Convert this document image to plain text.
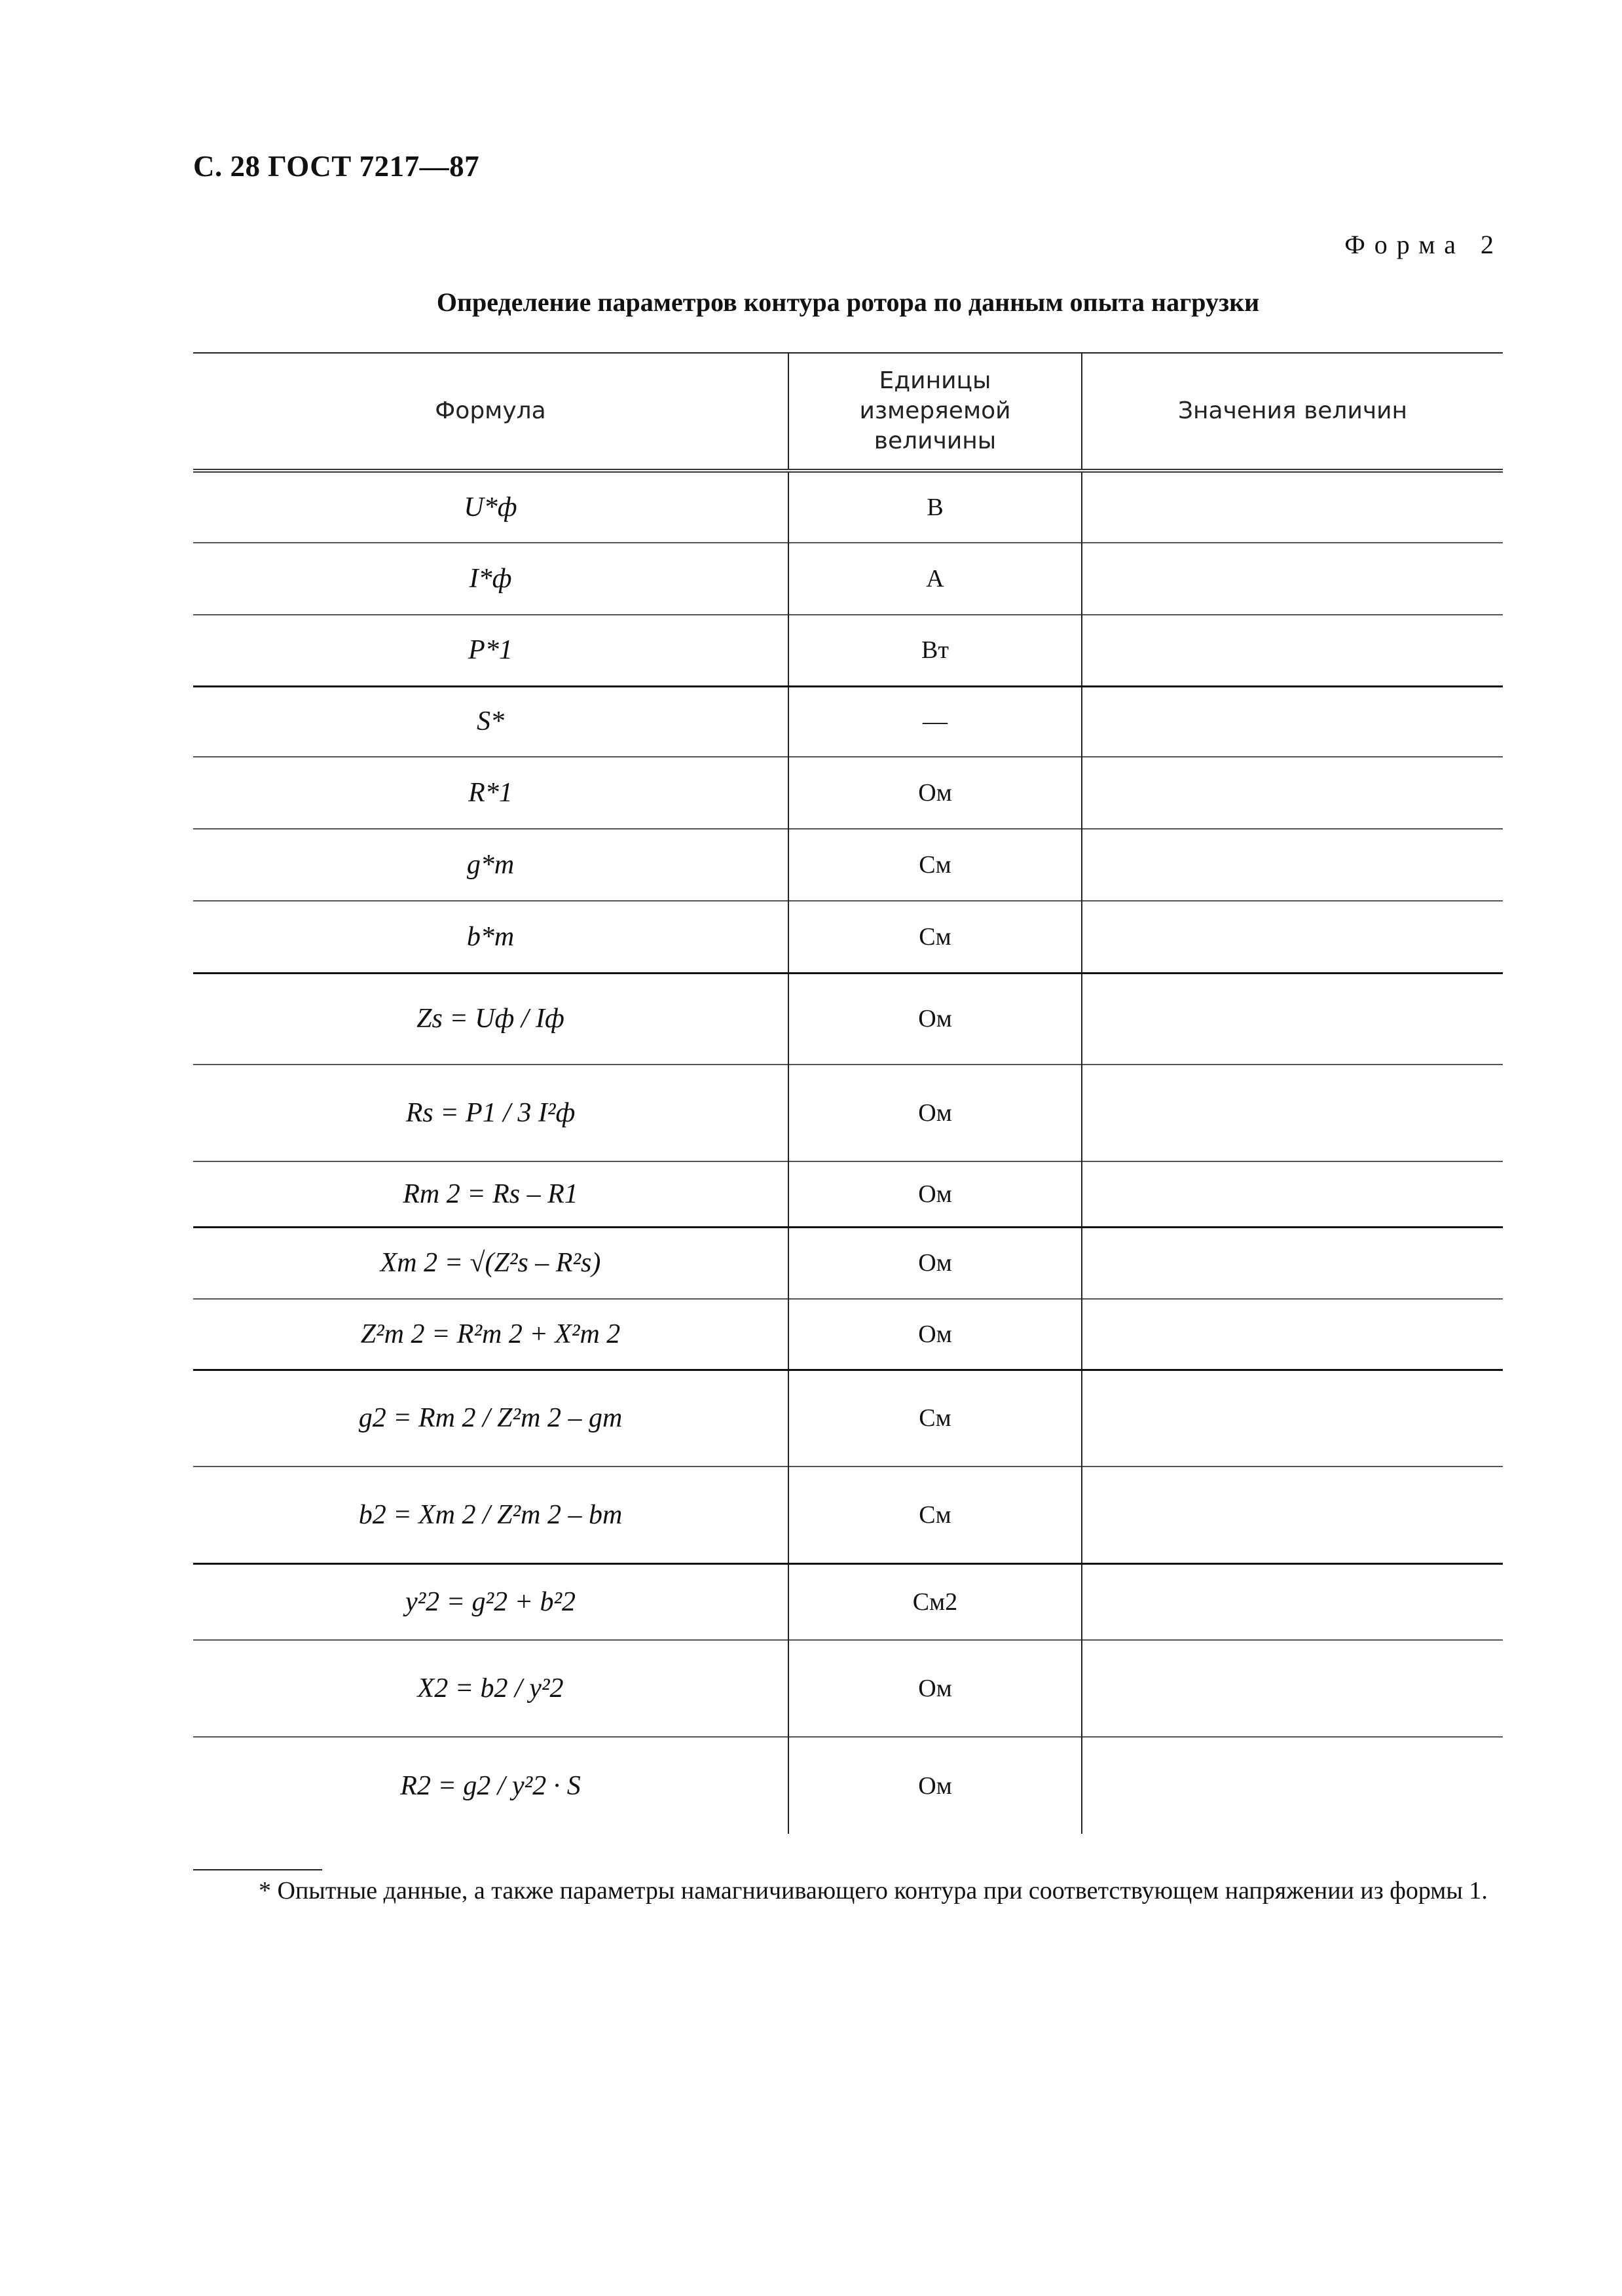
С. 28 ГОСТ 7217—87
Форма 2
Определение параметров контура ротора по данным опыта нагрузки
Формула	Единицы измеряемой величины	Значения величин
U*ф	В	
I*ф	А	
P*1	Вт	
S*	—	
R*1	Ом	
g*m	См	
b*m	См	
Zs = Uф / Iф	Ом	
Rs = P1 / 3 I²ф	Ом	
Rm 2 = Rs – R1	Ом	
Xm 2 = √(Z²s – R²s)	Ом	
Z²m 2 = R²m 2 + X²m 2	Ом	
g2 = Rm 2 / Z²m 2 – gm	См	
b2 = Xm 2 / Z²m 2 – bm	См	
y²2 = g²2 + b²2	См2	
X2 = b2 / y²2	Ом	
R2 = g2 / y²2 · S	Ом	
* Опытные данные, а также параметры намагничивающего контура при соответствующем напряжении из формы 1.
